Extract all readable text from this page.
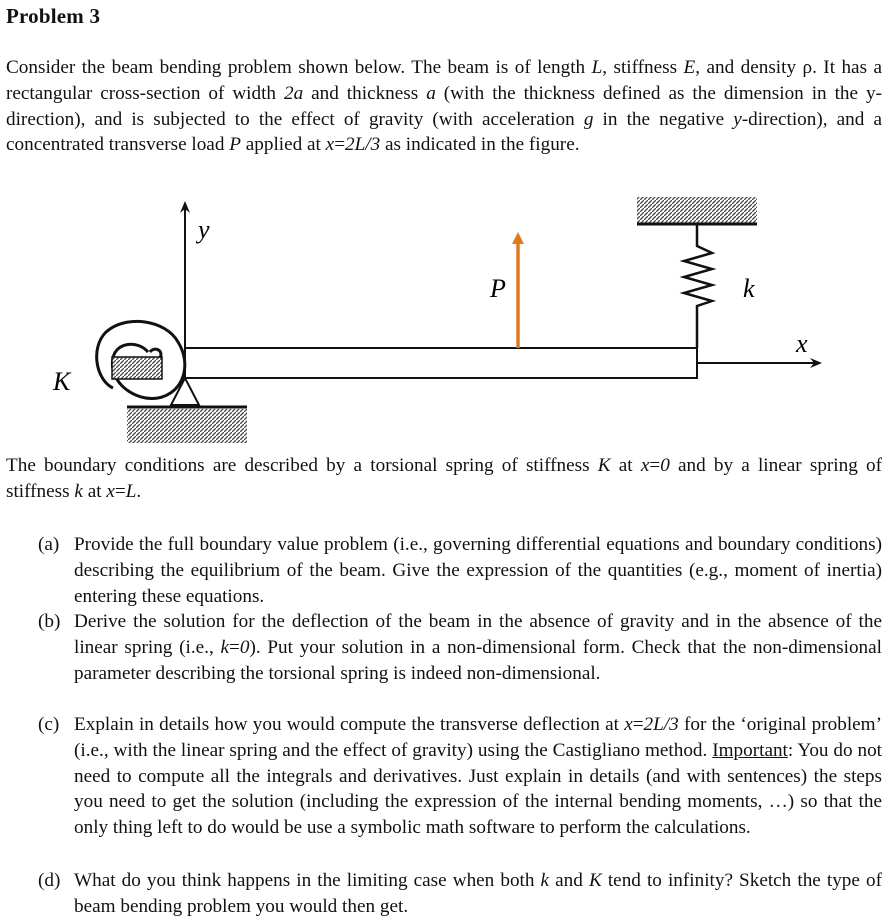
Problem 3
Consider the beam bending problem shown below. The beam is of length L, stiffness E, and density ρ. It has a rectangular cross-section of width 2a and thickness a (with the thickness defined as the dimension in the y-direction), and is subjected to the effect of gravity (with acceleration g in the negative y-direction), and a concentrated transverse load P applied at x=2L/3 as indicated in the figure.
y
x
P	k
K
The boundary conditions are described by a torsional spring of stiffness K at x=0 and by a linear spring of stiffness k at x=L.
(a) Provide the full boundary value problem (i.e., governing differential equations and boundary conditions) describing the equilibrium of the beam. Give the expression of the quantities (e.g., moment of inertia) entering these equations.
(b) Derive the solution for the deflection of the beam in the absence of gravity and in the absence of the linear spring (i.e., k=0). Put your solution in a non-dimensional form. Check that the non-dimensional parameter describing the torsional spring is indeed non-dimensional.
(c) Explain in details how you would compute the transverse deflection at x=2L/3 for the ‘original problem’ (i.e., with the linear spring and the effect of gravity) using the Castigliano method. Important: You do not need to compute all the integrals and derivatives. Just explain in details (and with sentences) the steps you need to get the solution (including the expression of the internal bending moments, …) so that the only thing left to do would be use a symbolic math software to perform the calculations.
(d) What do you think happens in the limiting case when both k and K tend to infinity? Sketch the type of beam bending problem you would then get.
